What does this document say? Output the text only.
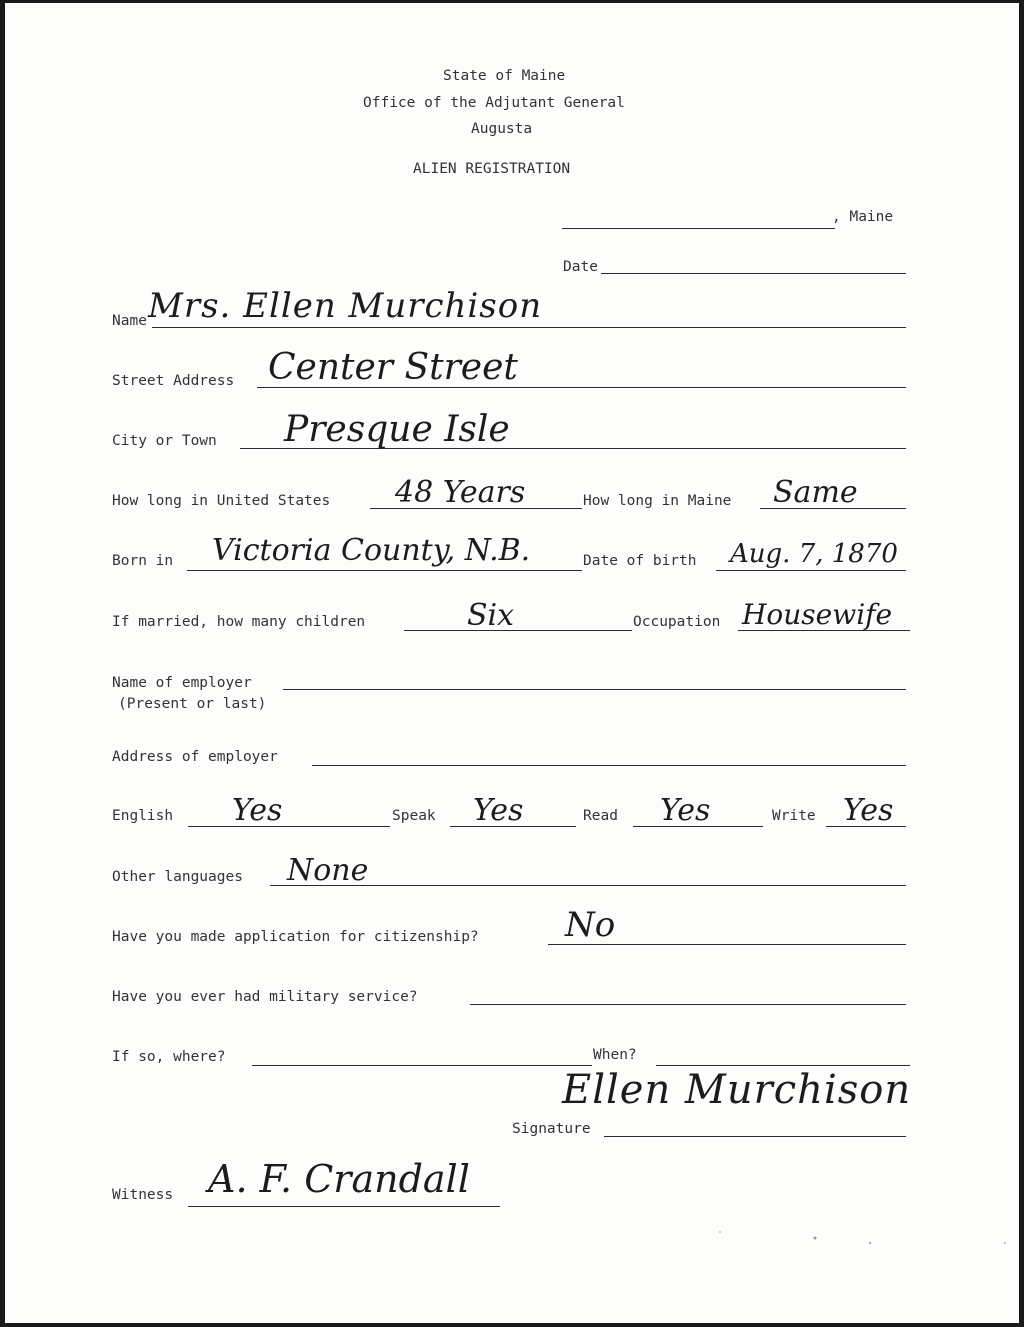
State of Maine
Office of the Adjutant General
Augusta
ALIEN REGISTRATION
, Maine
Date
Name Mrs. Ellen Murchison
Street Address Center Street
City or Town Presque Isle
How long in United States 48 Years	How long in Maine Same
Born in Victoria County, N.B.	Date of birth Aug. 7, 1870
If married, how many children	Six	Occupation Housewife
Name of employer
(Present or last)
Address of employer
English Yes	Speak Yes	Read Yes	Write Yes
Other languages None
Have you made application for citizenship?	No
Have you ever had military service?
If so, where?	When?
Signature
Ellen Murchison
Witness A. F. Crandall
